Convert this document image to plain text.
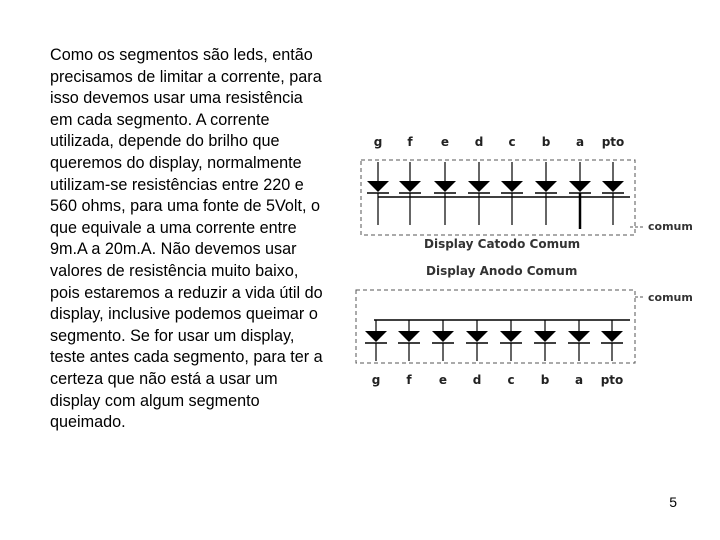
Como os segmentos são leds, então precisamos de limitar a corrente, para isso devemos usar uma resistência em cada segmento. A corrente utilizada, depende do brilho que queremos do display, normalmente utilizam-se resistências entre 220 e 560 ohms, para uma fonte de 5Volt, o que equivale a uma corrente entre 9m.A a 20m.A. Não devemos usar valores de resistência muito baixo, pois estaremos a reduzir a vida útil do display, inclusive podemos queimar o segmento. Se for usar um display, teste antes cada segmento, para ter a certeza que não está a usar um display com algum segmento queimado.
g f e d c b a pto
comum
Display Catodo Comum
Display Anodo Comum
comum
g f e d c b a pto
5
